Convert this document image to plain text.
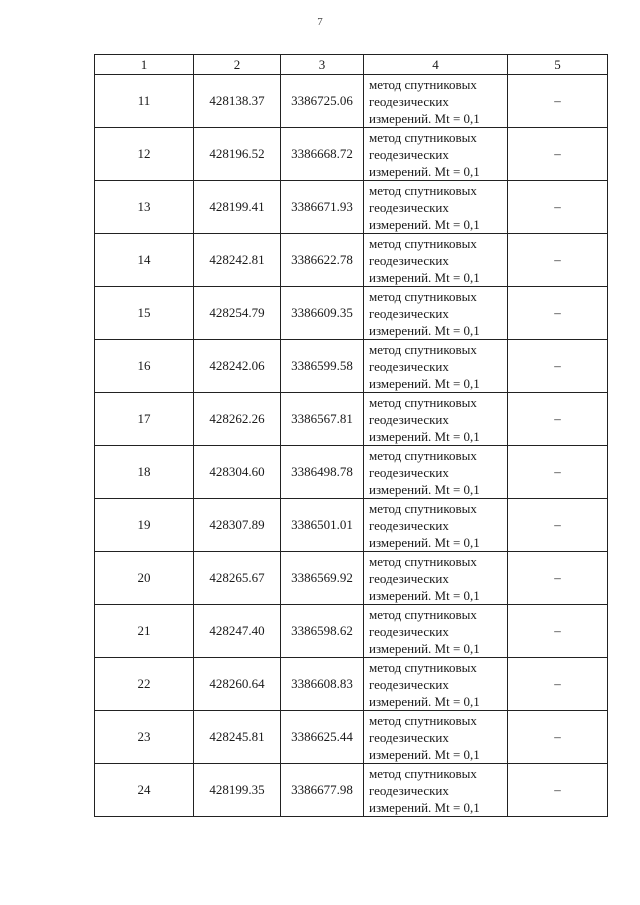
7
1	2	3	4	5
11	428138.37	3386725.06	метод спутниковых
геодезических
измерений. Mt = 0,1	–
12	428196.52	3386668.72	метод спутниковых
геодезических
измерений. Mt = 0,1	–
13	428199.41	3386671.93	метод спутниковых
геодезических
измерений. Mt = 0,1	–
14	428242.81	3386622.78	метод спутниковых
геодезических
измерений. Mt = 0,1	–
15	428254.79	3386609.35	метод спутниковых
геодезических
измерений. Mt = 0,1	–
16	428242.06	3386599.58	метод спутниковых
геодезических
измерений. Mt = 0,1	–
17	428262.26	3386567.81	метод спутниковых
геодезических
измерений. Mt = 0,1	–
18	428304.60	3386498.78	метод спутниковых
геодезических
измерений. Mt = 0,1	–
19	428307.89	3386501.01	метод спутниковых
геодезических
измерений. Mt = 0,1	–
20	428265.67	3386569.92	метод спутниковых
геодезических
измерений. Mt = 0,1	–
21	428247.40	3386598.62	метод спутниковых
геодезических
измерений. Mt = 0,1	–
22	428260.64	3386608.83	метод спутниковых
геодезических
измерений. Mt = 0,1	–
23	428245.81	3386625.44	метод спутниковых
геодезических
измерений. Mt = 0,1	–
24	428199.35	3386677.98	метод спутниковых
геодезических
измерений. Mt = 0,1	–
